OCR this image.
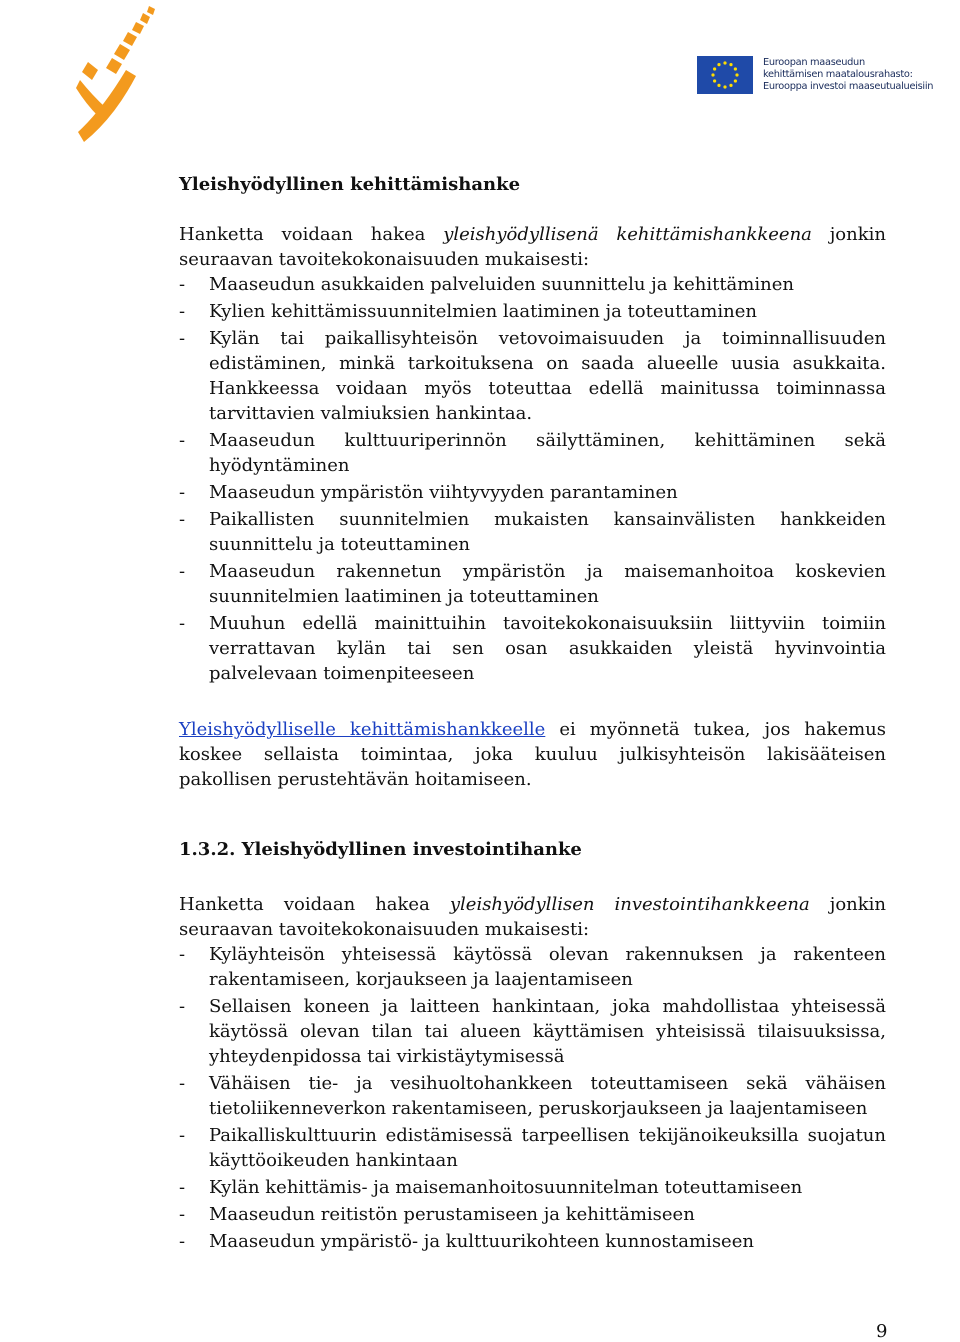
Euroopan maaseudun
kehittämisen maatalousrahasto:
Eurooppa investoi maaseutualueisiin
Yleishyödyllinen kehittämishanke

Hanketta voidaan hakea yleishyödyllisenä kehittämishankkeena jonkin seuraavan tavoitekokonaisuuden mukaisesti:

- Maaseudun asukkaiden palveluiden suunnittelu ja kehittäminen
- Kylien kehittämissuunnitelmien laatiminen ja toteuttaminen
- Kylän tai paikallisyhteisön vetovoimaisuuden ja toiminnallisuuden edistäminen, minkä tarkoituksena on saada alueelle uusia asukkaita. Hankkeessa voidaan myös toteuttaa edellä mainitussa toiminnassa tarvittavien valmiuksien hankintaa.
- Maaseudun kulttuuriperinnön säilyttäminen, kehittäminen sekä hyödyntäminen
- Maaseudun ympäristön viihtyvyyden parantaminen
- Paikallisten suunnitelmien mukaisten kansainvälisten hankkeiden suunnittelu ja toteuttaminen
- Maaseudun rakennetun ympäristön ja maisemanhoitoa koskevien suunnitelmien laatiminen ja toteuttaminen
- Muuhun edellä mainittuihin tavoitekokonaisuuksiin liittyviin toimiin verrattavan kylän tai sen osan asukkaiden yleistä hyvinvointia palvelevaan toimenpiteeseen

Yleishyödylliselle kehittämishankkeelle ei myönnetä tukea, jos hakemus koskee sellaista toimintaa, joka kuuluu julkisyhteisön lakisääteisen pakollisen perustehtävän hoitamiseen.

1.3.2. Yleishyödyllinen investointihanke

Hanketta voidaan hakea yleishyödyllisen investointihankkeena jonkin seuraavan tavoitekokonaisuuden mukaisesti:

- Kyläyhteisön yhteisessä käytössä olevan rakennuksen ja rakenteen rakentamiseen, korjaukseen ja laajentamiseen
- Sellaisen koneen ja laitteen hankintaan, joka mahdollistaa yhteisessä käytössä olevan tilan tai alueen käyttämisen yhteisissä tilaisuuksissa, yhteydenpidossa tai virkistäytymisessä
- Vähäisen tie- ja vesihuoltohankkeen toteuttamiseen sekä vähäisen tietoliikenneverkon rakentamiseen, peruskorjaukseen ja laajentamiseen
- Paikalliskulttuurin edistämisessä tarpeellisen tekijänoikeuksilla suojatun käyttöoikeuden hankintaan
- Kylän kehittämis- ja maisemanhoitosuunnitelman toteuttamiseen
- Maaseudun reitistön perustamiseen ja kehittämiseen
- Maaseudun ympäristö- ja kulttuurikohteen kunnostamiseen
9
